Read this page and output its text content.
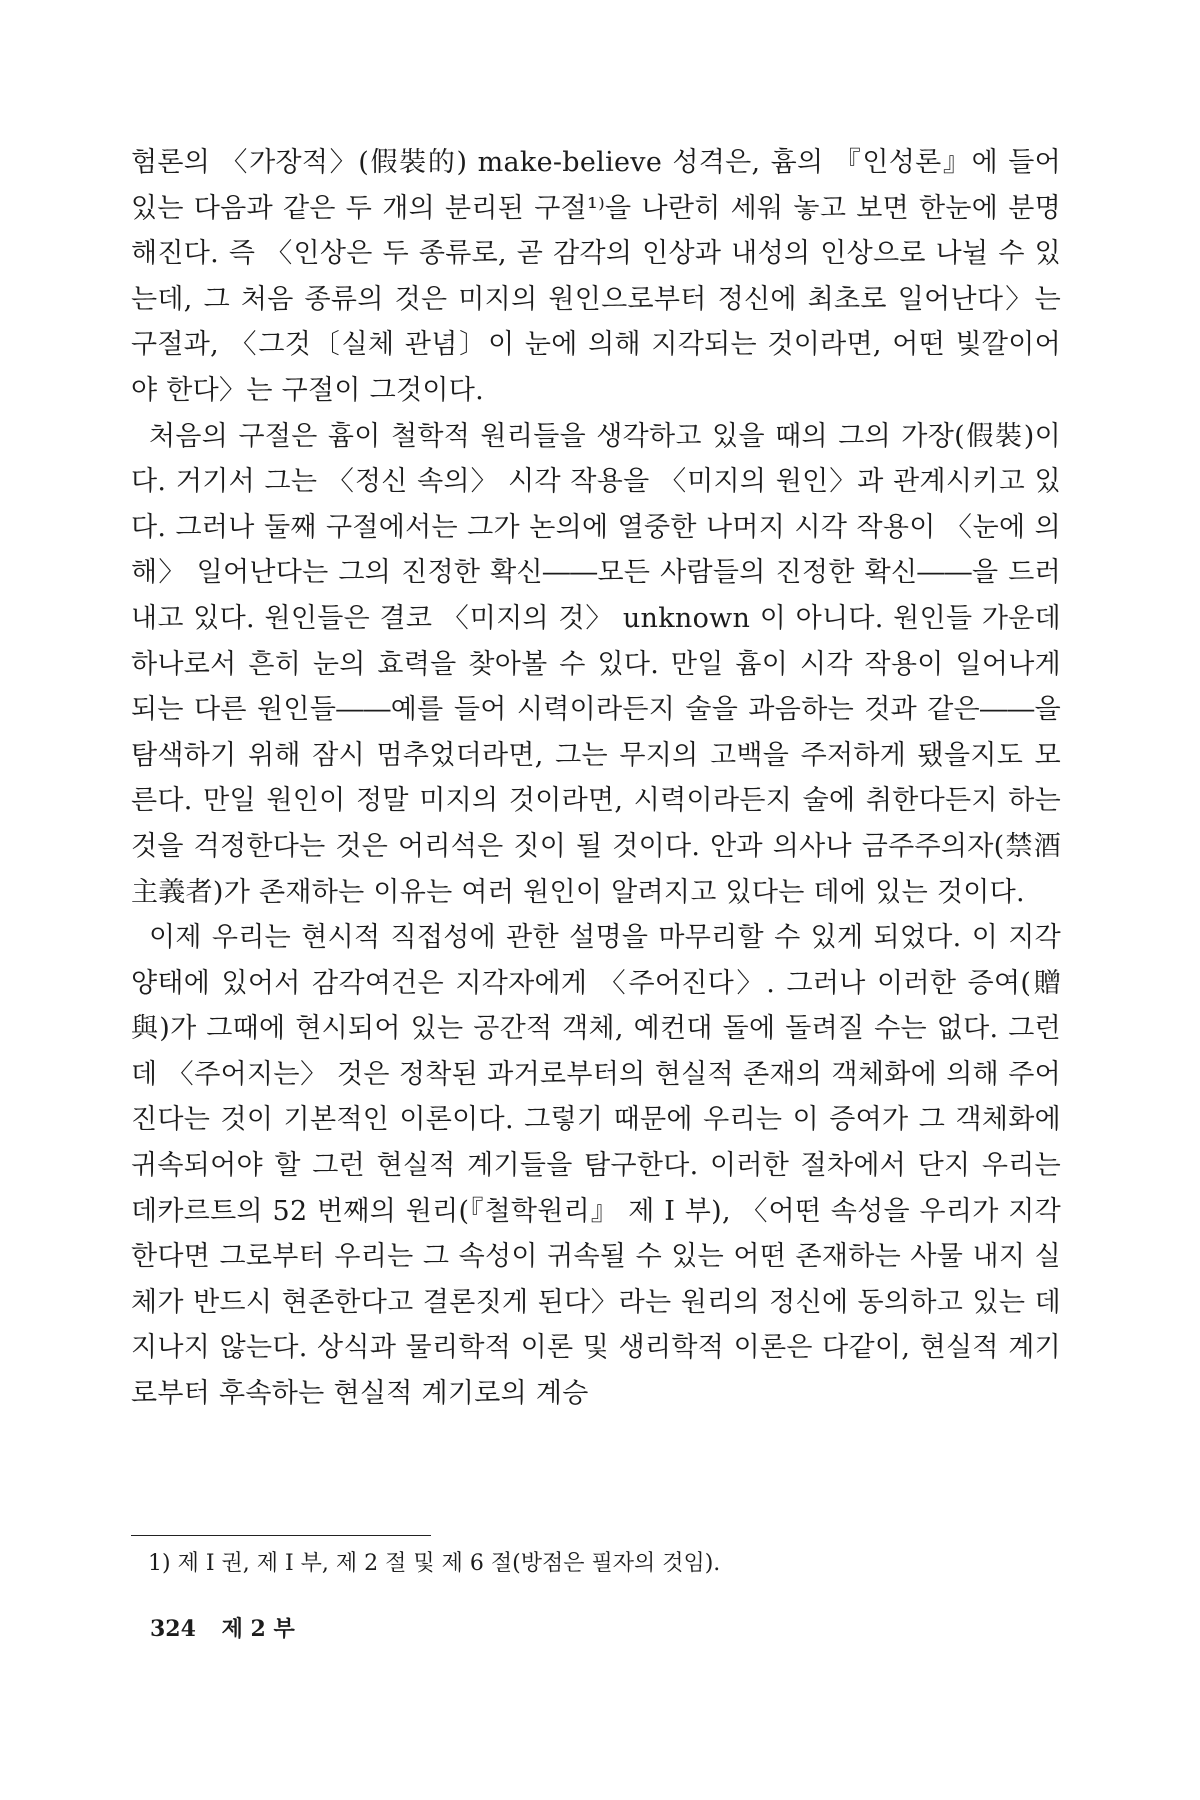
험론의 〈가장적〉(假裝的) make-believe 성격은, 흄의 『인성론』에 들어 있는 다음과 같은 두 개의 분리된 구절¹⁾을 나란히 세워 놓고 보면 한눈에 분명해진다. 즉 〈인상은 두 종류로, 곧 감각의 인상과 내성의 인상으로 나뉠 수 있는데, 그 처음 종류의 것은 미지의 원인으로부터 정신에 최초로 일어난다〉는 구절과, 〈그것〔실체 관념〕이 눈에 의해 지각되는 것이라면, 어떤 빛깔이어야 한다〉는 구절이 그것이다.

처음의 구절은 흄이 철학적 원리들을 생각하고 있을 때의 그의 가장(假裝)이다. 거기서 그는 〈정신 속의〉 시각 작용을 〈미지의 원인〉과 관계시키고 있다. 그러나 둘째 구절에서는 그가 논의에 열중한 나머지 시각 작용이 〈눈에 의해〉 일어난다는 그의 진정한 확신――모든 사람들의 진정한 확신――을 드러내고 있다. 원인들은 결코 〈미지의 것〉 unknown 이 아니다. 원인들 가운데 하나로서 흔히 눈의 효력을 찾아볼 수 있다. 만일 흄이 시각 작용이 일어나게 되는 다른 원인들――예를 들어 시력이라든지 술을 과음하는 것과 같은――을 탐색하기 위해 잠시 멈추었더라면, 그는 무지의 고백을 주저하게 됐을지도 모른다. 만일 원인이 정말 미지의 것이라면, 시력이라든지 술에 취한다든지 하는 것을 걱정한다는 것은 어리석은 짓이 될 것이다. 안과 의사나 금주주의자(禁酒主義者)가 존재하는 이유는 여러 원인이 알려지고 있다는 데에 있는 것이다.

이제 우리는 현시적 직접성에 관한 설명을 마무리할 수 있게 되었다. 이 지각 양태에 있어서 감각여건은 지각자에게 〈주어진다〉. 그러나 이러한 증여(贈與)가 그때에 현시되어 있는 공간적 객체, 예컨대 돌에 돌려질 수는 없다. 그런데 〈주어지는〉 것은 정착된 과거로부터의 현실적 존재의 객체화에 의해 주어진다는 것이 기본적인 이론이다. 그렇기 때문에 우리는 이 증여가 그 객체화에 귀속되어야 할 그런 현실적 계기들을 탐구한다. 이러한 절차에서 단지 우리는 데카르트의 52 번째의 원리(『철학원리』 제 I 부), 〈어떤 속성을 우리가 지각한다면 그로부터 우리는 그 속성이 귀속될 수 있는 어떤 존재하는 사물 내지 실체가 반드시 현존한다고 결론짓게 된다〉라는 원리의 정신에 동의하고 있는 데 지나지 않는다. 상식과 물리학적 이론 및 생리학적 이론은 다같이, 현실적 계기로부터 후속하는 현실적 계기로의 계승

1) 제 I 권, 제 I 부, 제 2 절 및 제 6 절(방점은 필자의 것임).
324 제 2 부
